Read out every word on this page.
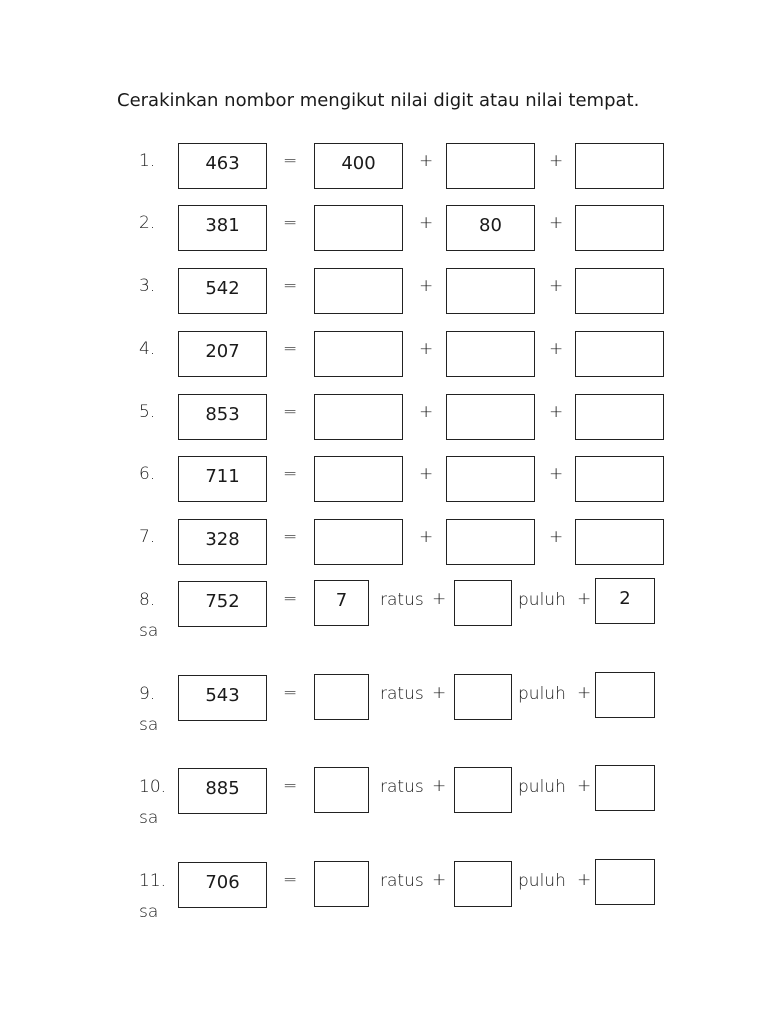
Cerakinkan nombor mengikut nilai digit atau nilai tempat.
1.	463	=	400	+	+
2.	381	=	+	80	+
3.	542	=	+	+
4.	207	=	+	+
5.	853	=	+	+
6.	711	=	+	+
7.	328	=	+	+
8.	752	=	7	ratus +	puluh +	2
sa
9.	543	=	ratus +	puluh +
sa
10.	885	=	ratus +	puluh +
sa
11.	706	=	ratus +	puluh +
sa
